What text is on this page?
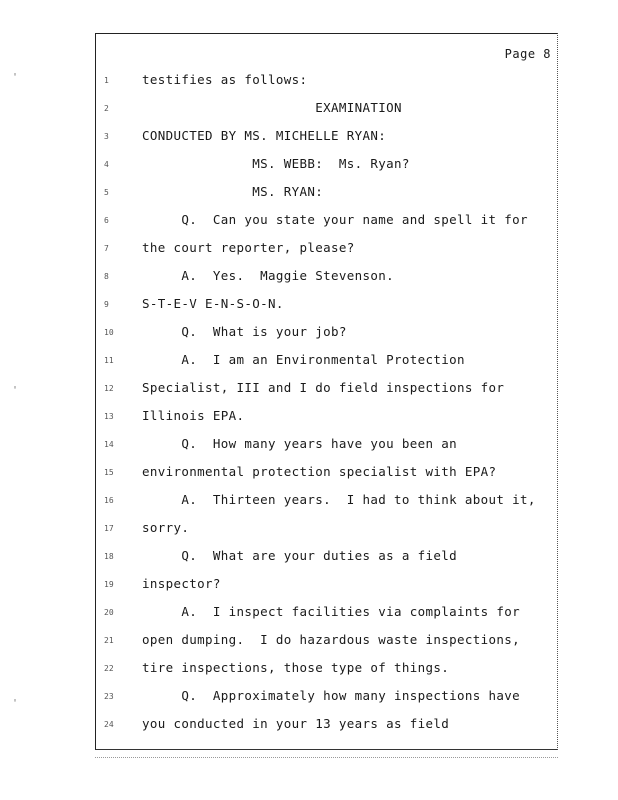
Page 8
1
2
3
4
5
6
7
8
9
10
11
12
13
14
15
16
17
18
19
20
21
22
23
24
testifies as follows:
EXAMINATION
CONDUCTED BY MS. MICHELLE RYAN:
MS. WEBB:  Ms. Ryan?
MS. RYAN:
Q.  Can you state your name and spell it for
the court reporter, please?
A.  Yes.  Maggie Stevenson.
S-T-E-V E-N-S-O-N.
Q.  What is your job?
A.  I am an Environmental Protection
Specialist, III and I do field inspections for
Illinois EPA.
Q.  How many years have you been an
environmental protection specialist with EPA?
A.  Thirteen years.  I had to think about it,
sorry.
Q.  What are your duties as a field
inspector?
A.  I inspect facilities via complaints for
open dumping.  I do hazardous waste inspections,
tire inspections, those type of things.
Q.  Approximately how many inspections have
you conducted in your 13 years as field
'
'
'
